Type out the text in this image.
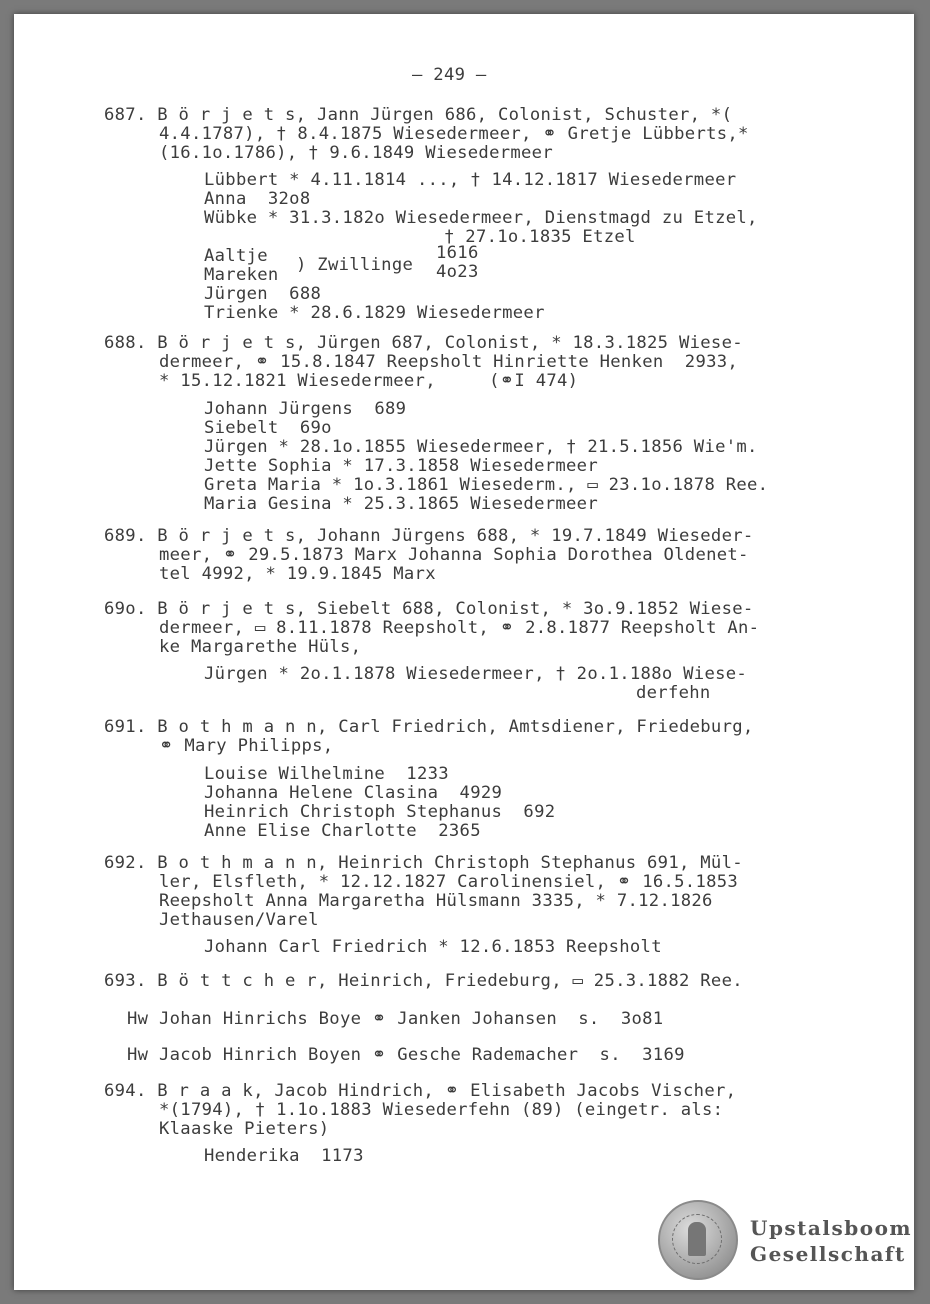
– 249 –
687. B ö r j e t s, Jann Jürgen 686, Colonist, Schuster, *(
4.4.1787), † 8.4.1875 Wiesedermeer, ⚭ Gretje Lübberts,*
(16.1o.1786), † 9.6.1849 Wiesedermeer
Lübbert * 4.11.1814 ..., † 14.12.1817 Wiesedermeer
Anna  32o8
Wübke * 31.3.182o Wiesedermeer, Dienstmagd zu Etzel,
† 27.1o.1835 Etzel
Aaltje
Mareken ) Zwillinge
1616
4o23
Jürgen  688
Trienke * 28.6.1829 Wiesedermeer
688. B ö r j e t s, Jürgen 687, Colonist, * 18.3.1825 Wiese-
dermeer, ⚭ 15.8.1847 Reepsholt Hinriette Henken  2933,
* 15.12.1821 Wiesedermeer,     (⚭I 474)
Johann Jürgens  689
Siebelt  69o
Jürgen * 28.1o.1855 Wiesedermeer, † 21.5.1856 Wie'm.
Jette Sophia * 17.3.1858 Wiesedermeer
Greta Maria * 1o.3.1861 Wiesederm., ▭ 23.1o.1878 Ree.
Maria Gesina * 25.3.1865 Wiesedermeer
689. B ö r j e t s, Johann Jürgens 688, * 19.7.1849 Wieseder-
meer, ⚭ 29.5.1873 Marx Johanna Sophia Dorothea Oldenet-
tel 4992, * 19.9.1845 Marx
69o. B ö r j e t s, Siebelt 688, Colonist, * 3o.9.1852 Wiese-
dermeer, ▭ 8.11.1878 Reepsholt, ⚭ 2.8.1877 Reepsholt An-
ke Margarethe Hüls,
Jürgen * 2o.1.1878 Wiesedermeer, † 2o.1.188o Wiese-
derfehn
691. B o t h m a n n, Carl Friedrich, Amtsdiener, Friedeburg,
⚭ Mary Philipps,
Louise Wilhelmine  1233
Johanna Helene Clasina  4929
Heinrich Christoph Stephanus  692
Anne Elise Charlotte  2365
692. B o t h m a n n, Heinrich Christoph Stephanus 691, Mül-
ler, Elsfleth, * 12.12.1827 Carolinensiel, ⚭ 16.5.1853
Reepsholt Anna Margaretha Hülsmann 3335, * 7.12.1826
Jethausen/Varel
Johann Carl Friedrich * 12.6.1853 Reepsholt
693. B ö t t c h e r, Heinrich, Friedeburg, ▭ 25.3.1882 Ree.
Hw Johan Hinrichs Boye ⚭ Janken Johansen  s.  3o81
Hw Jacob Hinrich Boyen ⚭ Gesche Rademacher  s.  3169
694. B r a a k, Jacob Hindrich, ⚭ Elisabeth Jacobs Vischer,
*(1794), † 1.1o.1883 Wiesederfehn (89) (eingetr. als:
Klaaske Pieters)
Henderika  1173
Upstalsboom
Gesellschaft
